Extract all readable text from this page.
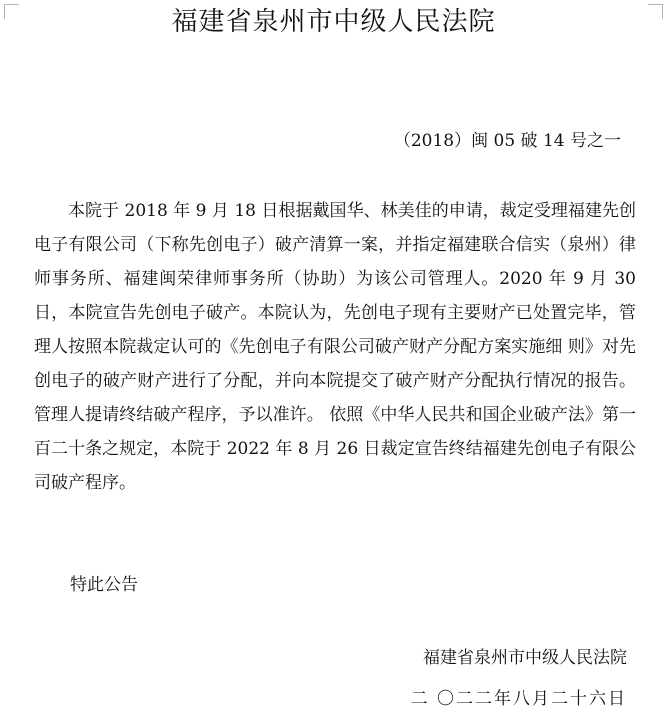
福建省泉州市中级人民法院
（2018）闽 05 破 14 号之一

本院于 2018 年 9 月 18 日根据戴国华、林美佳的申请，裁定受理福建先创电子有限公司（下称先创电子）破产清算一案，并指定福建联合信实（泉州）律师事务所、福建闽荣律师事务所（协助）为该公司管理人。2020 年 9 月 30 日，本院宣告先创电子破产。本院认为，先创电子现有主要财产已处置完毕，管理人按照本院裁定认可的《先创电子有限公司破产财产分配方案实施细 则》对先创电子的破产财产进行了分配，并向本院提交了破产财产分配执行情况的报告。管理人提请终结破产程序，予以准许。 依照《中华人民共和国企业破产法》第一百二十条之规定，本院于 2022 年 8 月 26 日裁定宣告终结福建先创电子有限公司破产程序。

特此公告
福建省泉州市中级人民法院
二 〇二二年八月二十六日
